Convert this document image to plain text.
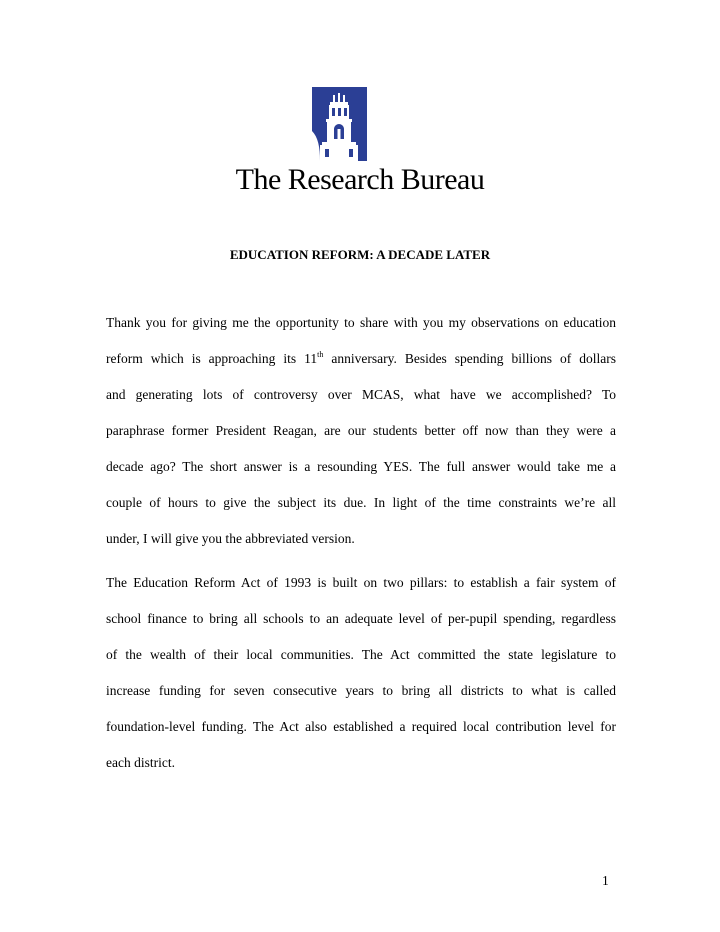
The Research Bureau
EDUCATION REFORM: A DECADE LATER
Thank you for giving me the opportunity to share with you my observations on education
reform which is approaching its 11th anniversary. Besides spending billions of dollars
and generating lots of controversy over MCAS, what have we accomplished? To
paraphrase former President Reagan, are our students better off now than they were a
decade ago? The short answer is a resounding YES. The full answer would take me a
couple of hours to give the subject its due. In light of the time constraints we’re all
under, I will give you the abbreviated version.
The Education Reform Act of 1993 is built on two pillars: to establish a fair system of
school finance to bring all schools to an adequate level of per-pupil spending, regardless
of the wealth of their local communities. The Act committed the state legislature to
increase funding for seven consecutive years to bring all districts to what is called
foundation-level funding. The Act also established a required local contribution level for
each district.
1
